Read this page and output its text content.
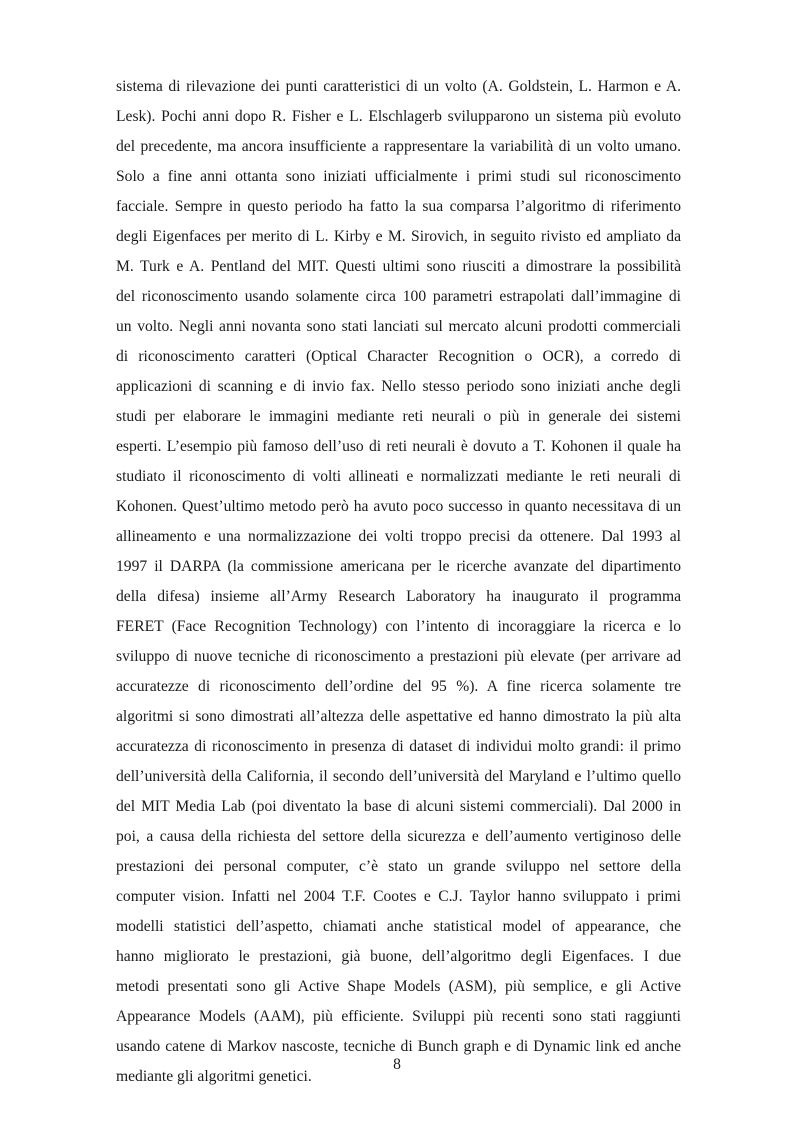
sistema di rilevazione dei punti caratteristici di un volto (A. Goldstein, L. Harmon e A.
Lesk). Pochi anni dopo R. Fisher e L. Elschlagerb svilupparono un sistema più evoluto
del precedente, ma ancora insufficiente a rappresentare la variabilità di un volto umano.
Solo a fine anni ottanta sono iniziati ufficialmente i primi studi sul riconoscimento
facciale. Sempre in questo periodo ha fatto la sua comparsa l’algoritmo di riferimento
degli Eigenfaces per merito di L. Kirby e M. Sirovich, in seguito rivisto ed ampliato da
M. Turk e A. Pentland del MIT. Questi ultimi sono riusciti a dimostrare la possibilità
del riconoscimento usando solamente circa 100 parametri estrapolati dall’immagine di
un volto. Negli anni novanta sono stati lanciati sul mercato alcuni prodotti commerciali
di riconoscimento caratteri (Optical Character Recognition o OCR), a corredo di
applicazioni di scanning e di invio fax. Nello stesso periodo sono iniziati anche degli
studi per elaborare le immagini mediante reti neurali o più in generale dei sistemi
esperti. L’esempio più famoso dell’uso di reti neurali è dovuto a T. Kohonen il quale ha
studiato il riconoscimento di volti allineati e normalizzati mediante le reti neurali di
Kohonen. Quest’ultimo metodo però ha avuto poco successo in quanto necessitava di un
allineamento e una normalizzazione dei volti troppo precisi da ottenere. Dal 1993 al
1997 il DARPA (la commissione americana per le ricerche avanzate del dipartimento
della difesa) insieme all’Army Research Laboratory ha inaugurato il programma
FERET (Face Recognition Technology) con l’intento di incoraggiare la ricerca e lo
sviluppo di nuove tecniche di riconoscimento a prestazioni più elevate (per arrivare ad
accuratezze di riconoscimento dell’ordine del 95 %). A fine ricerca solamente tre
algoritmi si sono dimostrati all’altezza delle aspettative ed hanno dimostrato la più alta
accuratezza di riconoscimento in presenza di dataset di individui molto grandi: il primo
dell’università della California, il secondo dell’università del Maryland e l’ultimo quello
del MIT Media Lab (poi diventato la base di alcuni sistemi commerciali). Dal 2000 in
poi, a causa della richiesta del settore della sicurezza e dell’aumento vertiginoso delle
prestazioni dei personal computer, c’è stato un grande sviluppo nel settore della
computer vision. Infatti nel 2004 T.F. Cootes e C.J. Taylor hanno sviluppato i primi
modelli statistici dell’aspetto, chiamati anche statistical model of appearance, che
hanno migliorato le prestazioni, già buone, dell’algoritmo degli Eigenfaces. I due
metodi presentati sono gli Active Shape Models (ASM), più semplice, e gli Active
Appearance Models (AAM), più efficiente. Sviluppi più recenti sono stati raggiunti
usando catene di Markov nascoste, tecniche di Bunch graph e di Dynamic link ed anche
mediante gli algoritmi genetici.
8
